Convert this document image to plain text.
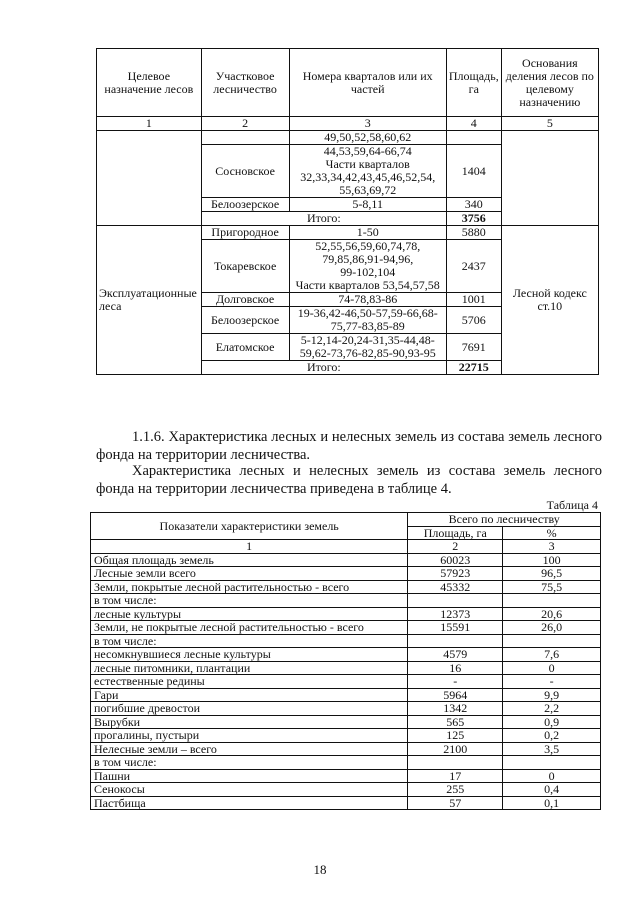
Целевое назначение лесов	Участковое лесничество	Номера кварталов или их частей	Площадь, га	Основания деления лесов по целевому назначению
1	2	3	4	5
		49,50,52,58,60,62		
	Сосновское	44,53,59,64-66,74
Части кварталов
32,33,34,42,43,45,46,52,54,
55,63,69,72	1404	
	Белоозерское	5-8,11	340	
	Итого:		3756	
Эксплуатационные леса	Пригородное	1-50	5880	Лесной кодекс ст.10
	Токаревское	52,55,56,59,60,74,78,
79,85,86,91-94,96,
99-102,104
Части кварталов 53,54,57,58	2437	
	Долговское	74-78,83-86	1001	
	Белоозерское	19-36,42-46,50-57,59-66,68-
75,77-83,85-89	5706	
	Елатомское	5-12,14-20,24-31,35-44,48-
59,62-73,76-82,85-90,93-95	7691	
	Итого:		22715	
1.1.6. Характеристика лесных и нелесных земель из состава земель лесного фонда на территории лесничества.
Характеристика лесных и нелесных земель из состава земель лесного фонда на территории лесничества приведена в таблице 4.
Таблица 4
Показатели характеристики земель	Всего по лесничеству	
	Площадь, га	%
1	2	3
Общая площадь земель	60023	100
Лесные земли всего	57923	96,5
Земли, покрытые лесной растительностью - всего	45332	75,5
в том числе:		
лесные культуры	12373	20,6
Земли, не покрытые лесной растительностью - всего	15591	26,0
в том числе:		
несомкнувшиеся лесные культуры	4579	7,6
лесные питомники, плантации	16	0
естественные редины	-	-
Гари	5964	9,9
погибшие древостои	1342	2,2
Вырубки	565	0,9
прогалины, пустыри	125	0,2
Нелесные земли – всего	2100	3,5
в том числе:		
Пашни	17	0
Сенокосы	255	0,4
Пастбища	57	0,1
18
